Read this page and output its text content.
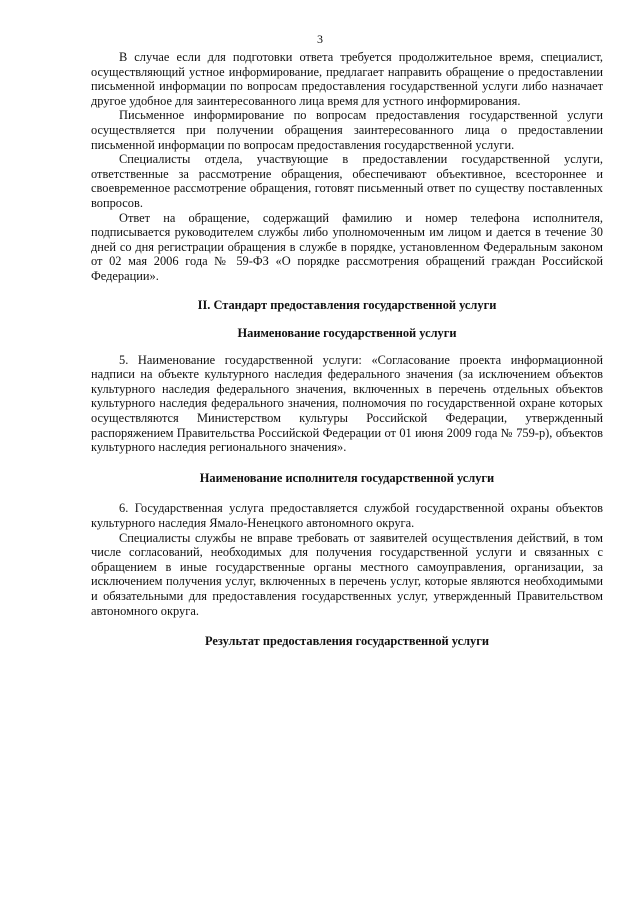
3

В случае если для подготовки ответа требуется продолжительное время, специалист, осуществляющий устное информирование, предлагает направить обращение о предоставлении письменной информации по вопросам предоставления государственной услуги либо назначает другое удобное для заинтересованного лица время для устного информирования.

Письменное информирование по вопросам предоставления государственной услуги осуществляется при получении обращения заинтересованного лица о предоставлении письменной информации по вопросам предоставления государственной услуги.

Специалисты отдела, участвующие в предоставлении государственной услуги, ответственные за рассмотрение обращения, обеспечивают объективное, всестороннее и своевременное рассмотрение обращения, готовят письменный ответ по существу поставленных вопросов.

Ответ на обращение, содержащий фамилию и номер телефона исполнителя, подписывается руководителем службы либо уполномоченным им лицом и дается в течение 30 дней со дня регистрации обращения в службе в порядке, установленном Федеральным законом от 02 мая 2006 года № 59-ФЗ «О порядке рассмотрения обращений граждан Российской Федерации».

II. Стандарт предоставления государственной услуги

Наименование государственной услуги

5. Наименование государственной услуги: «Согласование проекта информационной надписи на объекте культурного наследия федерального значения (за исключением объектов культурного наследия федерального значения, включенных в перечень отдельных объектов культурного наследия федерального значения, полномочия по государственной охране которых осуществляются Министерством культуры Российской Федерации, утвержденный распоряжением Правительства Российской Федерации от 01 июня 2009 года № 759-р), объектов культурного наследия регионального значения».

Наименование исполнителя государственной услуги

6. Государственная услуга предоставляется службой государственной охраны объектов культурного наследия Ямало-Ненецкого автономного округа.

Специалисты службы не вправе требовать от заявителей осуществления действий, в том числе согласований, необходимых для получения государственной услуги и связанных с обращением в иные государственные органы местного самоуправления, организации, за исключением получения услуг, включенных в перечень услуг, которые являются необходимыми и обязательными для предоставления государственных услуг, утвержденный Правительством автономного округа.

Результат предоставления государственной услуги
